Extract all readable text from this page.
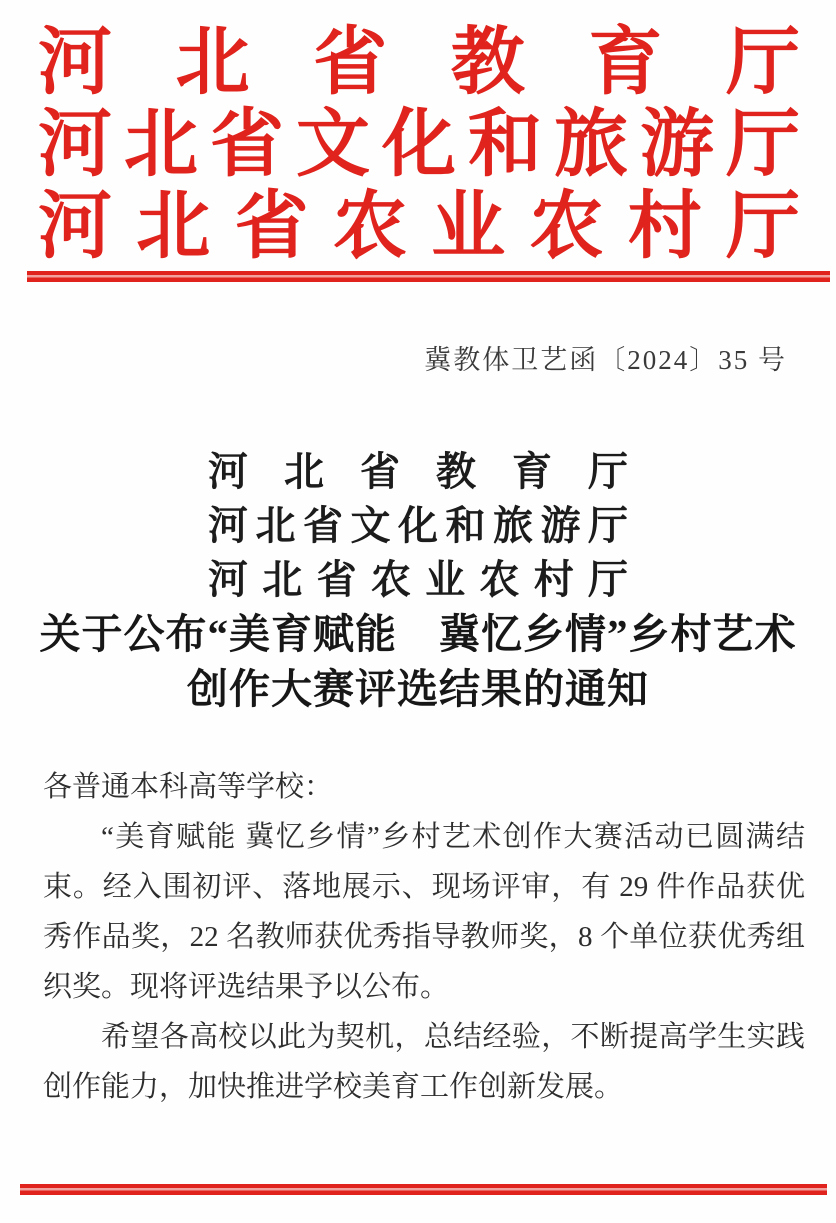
河 北 省 教 育 厅
河 北 省 文 化 和 旅 游 厅
河 北 省 农 业 农 村 厅
冀教体卫艺函〔2024〕35 号
河 北 省 教 育 厅
河 北 省 文 化 和 旅 游 厅
河 北 省 农 业 农 村 厅
关于公布“美育赋能　冀忆乡情”乡村艺术
创作大赛评选结果的通知

各普通本科高等学校：

“美育赋能 冀忆乡情”乡村艺术创作大赛活动已圆满结束。经入围初评、落地展示、现场评审，有 29 件作品获优秀作品奖，22 名教师获优秀指导教师奖，8 个单位获优秀组织奖。现将评选结果予以公布。

希望各高校以此为契机，总结经验，不断提高学生实践创作能力，加快推进学校美育工作创新发展。
